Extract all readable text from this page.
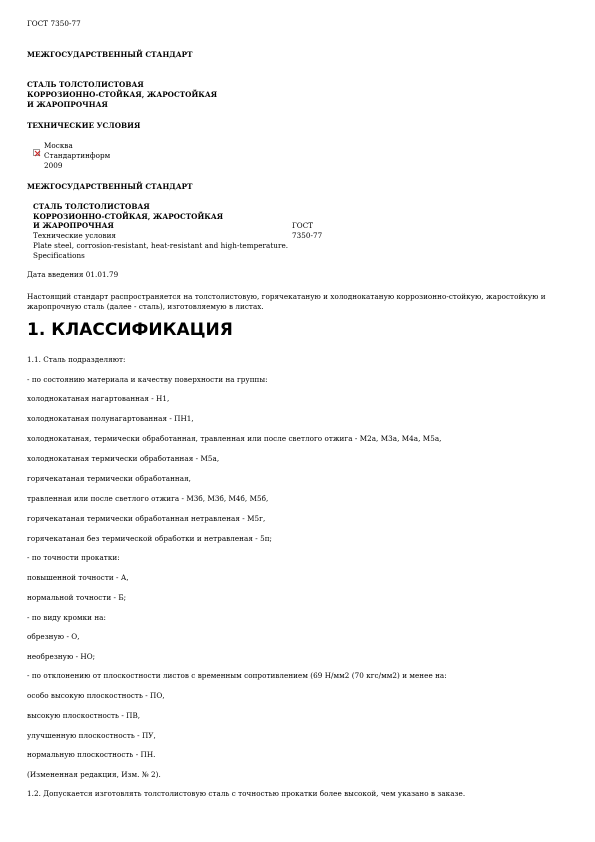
ГОСТ 7350-77
МЕЖГОСУДАРСТВЕННЫЙ СТАНДАРТ
СТАЛЬ ТОЛСТОЛИСТОВАЯ
КОРРОЗИОННО-СТОЙКАЯ, ЖАРОСТОЙКАЯ
И ЖАРОПРОЧНАЯ
ТЕХНИЧЕСКИЕ УСЛОВИЯ
Москва
Стандартинформ
2009
МЕЖГОСУДАРСТВЕННЫЙ СТАНДАРТ
СТАЛЬ ТОЛСТОЛИСТОВАЯ
КОРРОЗИОННО-СТОЙКАЯ, ЖАРОСТОЙКАЯ
И ЖАРОПРОЧНАЯ	ГОСТ
Технические условия	7350-77
Plate steel, corrosion-resistant, heat-resistant and high-temperature.
Specifications
Дата введения 01.01.79
Настоящий стандарт распространяется на толстолистовую, горячекатаную и холоднокатаную коррозионно-стойкую, жаростойкую и жаропрочную сталь (далее - сталь), изготовляемую в листах.
1. КЛАССИФИКАЦИЯ
1.1. Сталь подразделяют:
- по состоянию материала и качеству поверхности на группы:
холоднокатаная нагартованная - Н1,
холоднокатаная полунагартованная - ПН1,
холоднокатаная, термически обработанная, травленная или после светлого отжига - М2а, М3а, М4а, М5а,
холоднокатаная термически обработанная - М5а,
горячекатаная термически обработанная,
травленная или после светлого отжига - М3б, М3б, М4б, М5б,
горячекатаная термически обработанная нетравленая - М5г,
горячекатаная без термической обработки и нетравленая - 5п;
- по точности прокатки:
повышенной точности - А,
нормальной точности - Б;
- по виду кромки на:
обрезную - О,
необрезную - НО;
- по отклонению от плоскостности листов с временным сопротивлением (69 Н/мм2 (70 кгс/мм2) и менее на:
особо высокую плоскостность - ПО,
высокую плоскостность - ПВ,
улучшенную плоскостность - ПУ,
нормальную плоскостность - ПН.
(Измененная редакция, Изм. № 2).
1.2. Допускается изготовлять толстолистовую сталь с точностью прокатки более высокой, чем указано в заказе.
